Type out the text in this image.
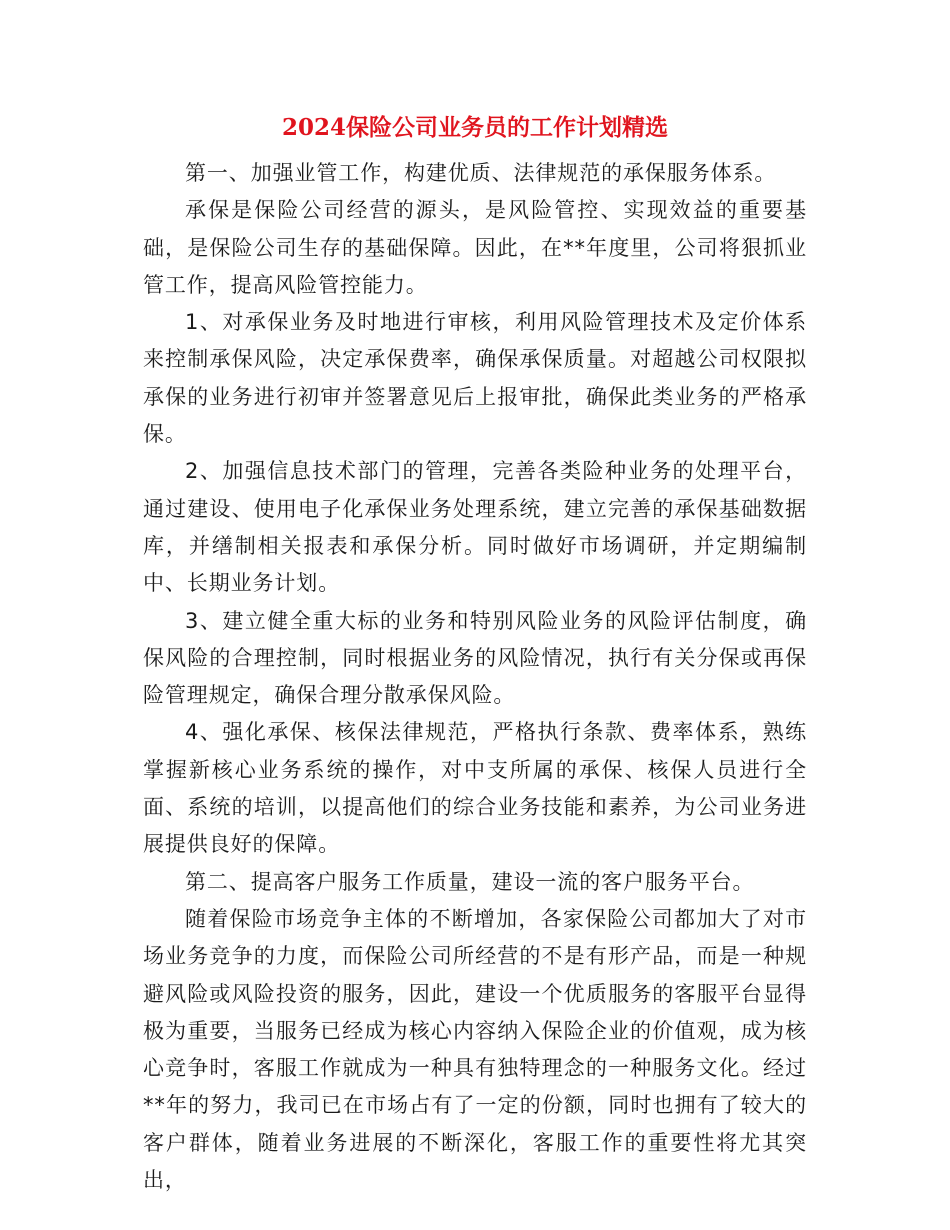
2024保险公司业务员的工作计划精选

第一、加强业管工作，构建优质、法律规范的承保服务体系。

承保是保险公司经营的源头，是风险管控、实现效益的重要基础，是保险公司生存的基础保障。因此，在**年度里，公司将狠抓业管工作，提高风险管控能力。

1、对承保业务及时地进行审核，利用风险管理技术及定价体系来控制承保风险，决定承保费率，确保承保质量。对超越公司权限拟承保的业务进行初审并签署意见后上报审批，确保此类业务的严格承保。

2、加强信息技术部门的管理，完善各类险种业务的处理平台，通过建设、使用电子化承保业务处理系统，建立完善的承保基础数据库，并缮制相关报表和承保分析。同时做好市场调研，并定期编制中、长期业务计划。

3、建立健全重大标的业务和特别风险业务的风险评估制度，确保风险的合理控制，同时根据业务的风险情况，执行有关分保或再保险管理规定，确保合理分散承保风险。

4、强化承保、核保法律规范，严格执行条款、费率体系，熟练掌握新核心业务系统的操作，对中支所属的承保、核保人员进行全面、系统的培训，以提高他们的综合业务技能和素养，为公司业务进展提供良好的保障。

第二、提高客户服务工作质量，建设一流的客户服务平台。

随着保险市场竞争主体的不断增加，各家保险公司都加大了对市场业务竞争的力度，而保险公司所经营的不是有形产品，而是一种规避风险或风险投资的服务，因此，建设一个优质服务的客服平台显得极为重要，当服务已经成为核心内容纳入保险企业的价值观，成为核心竞争时，客服工作就成为一种具有独特理念的一种服务文化。经过**年的努力，我司已在市场占有了一定的份额，同时也拥有了较大的客户群体，随着业务进展的不断深化，客服工作的重要性将尤其突出，
